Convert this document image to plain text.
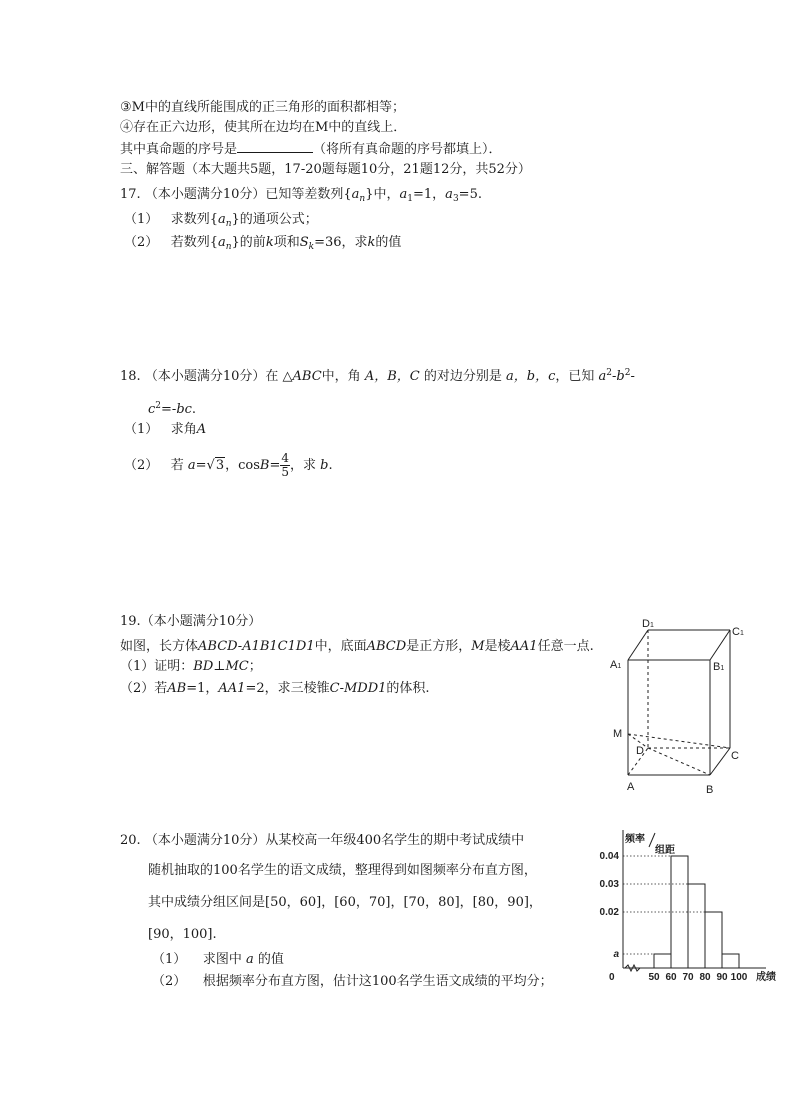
③M中的直线所能围成的正三角形的面积都相等；
④存在正六边形，使其所在边均在M中的直线上．
其中真命题的序号是	（将所有真命题的序号都填上）．
三、解答题（本大题共5题，17-20题每题10分，21题12分，共52分）
17. （本小题满分10分）已知等差数列$\{a_n\}$中，$a_1=1$，$a_3=5$.
（1） 求数列$\{a_n\}$的通项公式；
（2） 若数列$\{a_n\}$的前k项和$S_k=36$，求k的值
18. （本小题满分10分）在 △ABC中，角 A，B，C 的对边分别是 a，b，c，已知 $a^2-b^2-$
$c^2=-bc$.
（1） 求角A
（2） 若 a=√3，$\cos B= \frac{4}{5}$ ，求 b.
19.（本小题满分10分）
如图，长方体ABCD-A1B1C1D1中，底面ABCD是正方形，M是棱AA1任意一点.
（1）证明：BD⊥MC；
（2）若AB=1，AA1=2，求三棱锥C-MDD1的体积.
D1
C1
A1	B1
M
D	C
A	B
20. （本小题满分10分）从某校高一年级400名学生的期中考试成绩中
随机抽取的100名学生的语文成绩，整理得到如图频率分布直方图，
其中成绩分组区间是[50，60]，[60，70]，[70，80]，[80，90]，
[90，100].
（1） 求图中 a 的值
（2） 根据频率分布直方图，估计这100名学生语文成绩的平均分；
频率
组距
a
0.02
0.03
0.04
0	50 60 70 80 90 100 成绩
